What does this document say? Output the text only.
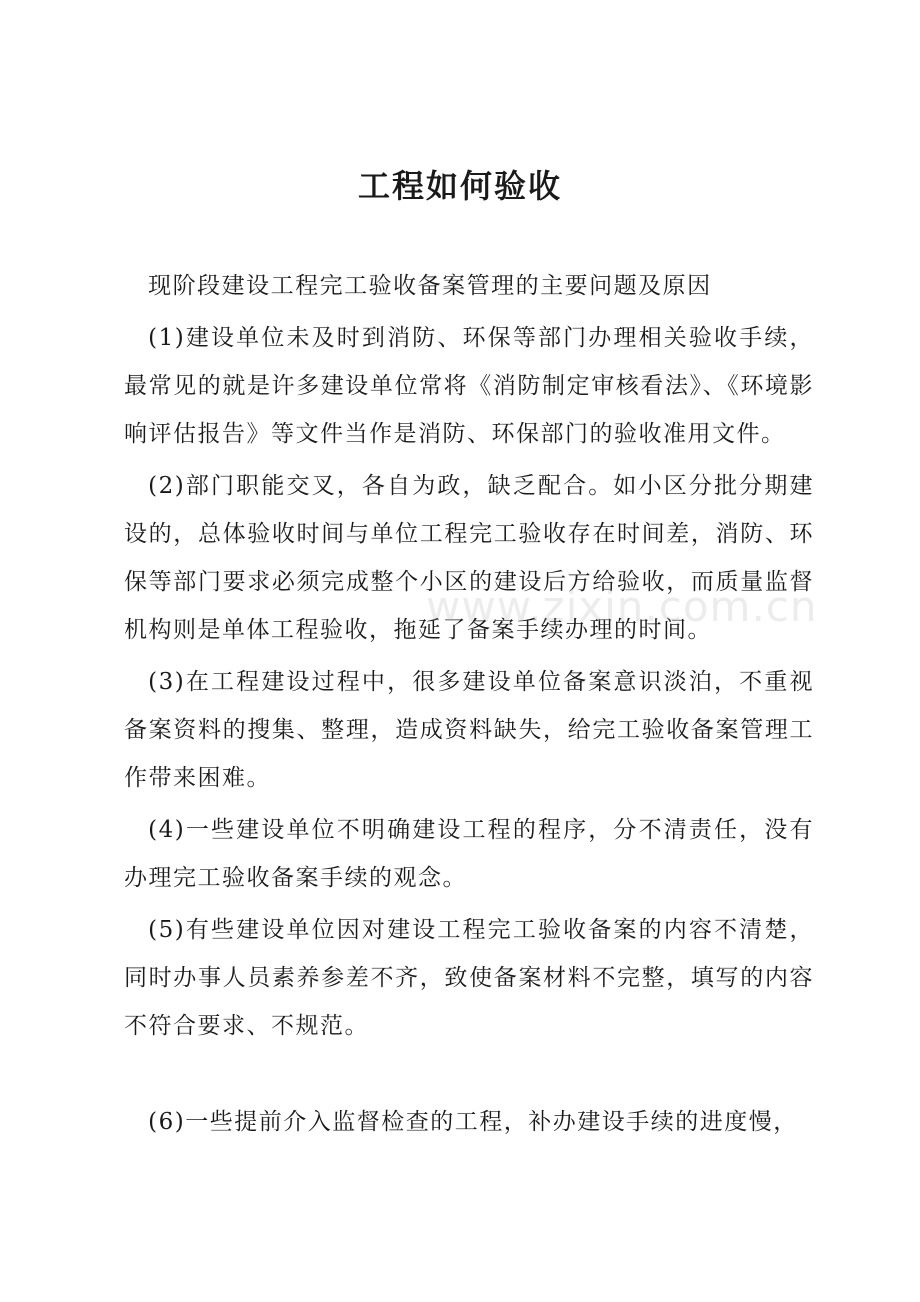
工程如何验收

现阶段建设工程完工验收备案管理的主要问题及原因

(1)建设单位未及时到消防、环保等部门办理相关验收手续，最常见的就是许多建设单位常将《消防制定审核看法》、《环境影响评估报告》等文件当作是消防、环保部门的验收准用文件。

(2)部门职能交叉，各自为政，缺乏配合。如小区分批分期建设的，总体验收时间与单位工程完工验收存在时间差，消防、环保等部门要求必须完成整个小区的建设后方给验收，而质量监督机构则是单体工程验收，拖延了备案手续办理的时间。

(3)在工程建设过程中，很多建设单位备案意识淡泊，不重视备案资料的搜集、整理，造成资料缺失，给完工验收备案管理工作带来困难。

(4)一些建设单位不明确建设工程的程序，分不清责任，没有办理完工验收备案手续的观念。

(5)有些建设单位因对建设工程完工验收备案的内容不清楚，同时办事人员素养参差不齐，致使备案材料不完整，填写的内容不符合要求、不规范。

(6)一些提前介入监督检查的工程，补办建设手续的进度慢，

www.zixin.com.cn
